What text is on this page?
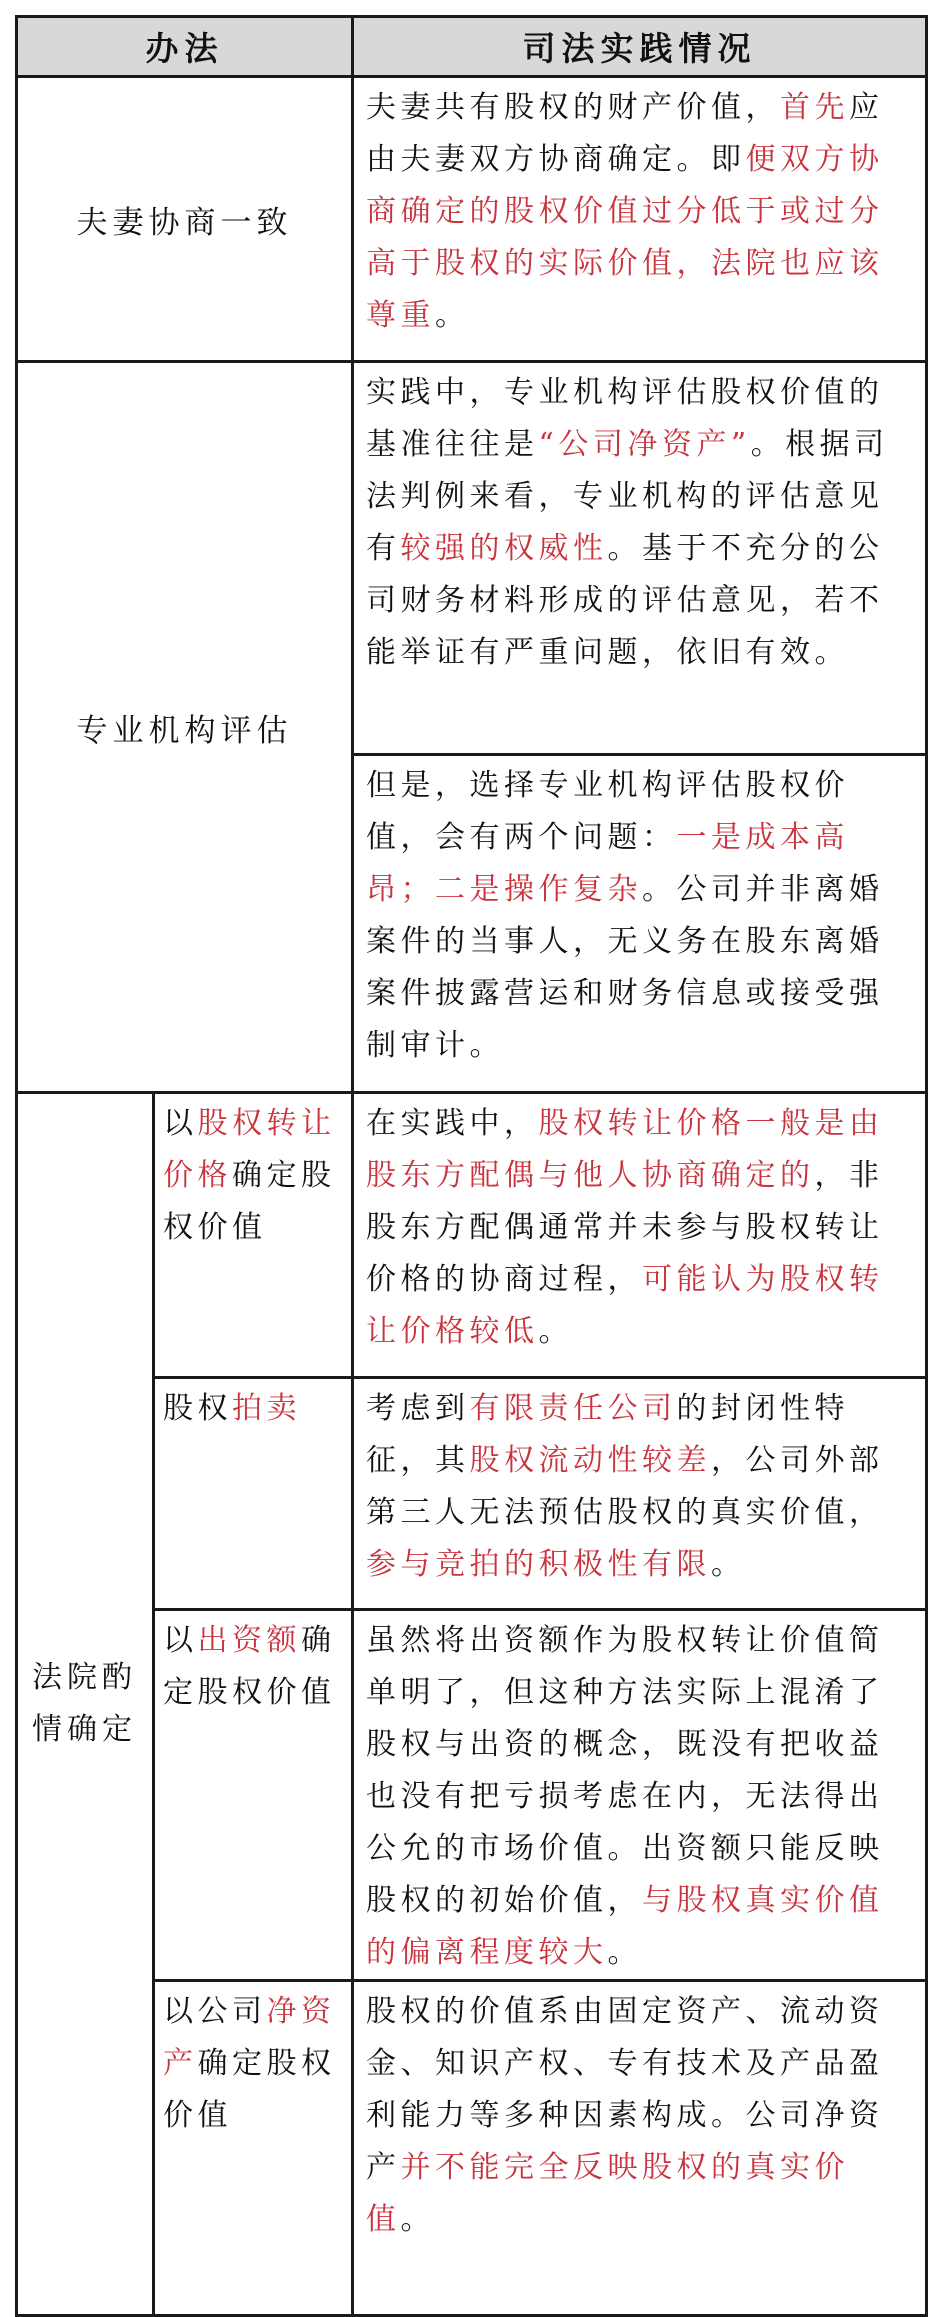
办法		司法实践情况
夫妻协商一致		夫妻共有股权的财产价值，首先应由夫妻双方协商确定。即便双方协商确定的股权价值过分低于或过分高于股权的实际价值，法院也应该尊重。

专业机构评估		实践中，专业机构评估股权价值的基准往往是“公司净资产”。根据司法判例来看，专业机构的评估意见有较强的权威性。基于不充分的公司财务材料形成的评估意见，若不能举证有严重问题，依旧有效。

		但是，选择专业机构评估股权价值，会有两个问题：一是成本高昂；二是操作复杂。公司并非离婚案件的当事人，无义务在股东离婚案件披露营运和财务信息或接受强制审计。

法院酌情确定	以股权转让价格确定股权价值	在实践中，股权转让价格一般是由股东方配偶与他人协商确定的，非股东方配偶通常并未参与股权转让价格的协商过程，可能认为股权转让价格较低。

	股权拍卖	考虑到有限责任公司的封闭性特征，其股权流动性较差，公司外部第三人无法预估股权的真实价值，参与竞拍的积极性有限。

	以出资额确定股权价值	虽然将出资额作为股权转让价值简单明了，但这种方法实际上混淆了股权与出资的概念，既没有把收益也没有把亏损考虑在内，无法得出公允的市场价值。出资额只能反映股权的初始价值，与股权真实价值的偏离程度较大。

	以公司净资产确定股权价值	股权的价值系由固定资产、流动资金、知识产权、专有技术及产品盈利能力等多种因素构成。公司净资产并不能完全反映股权的真实价值。
